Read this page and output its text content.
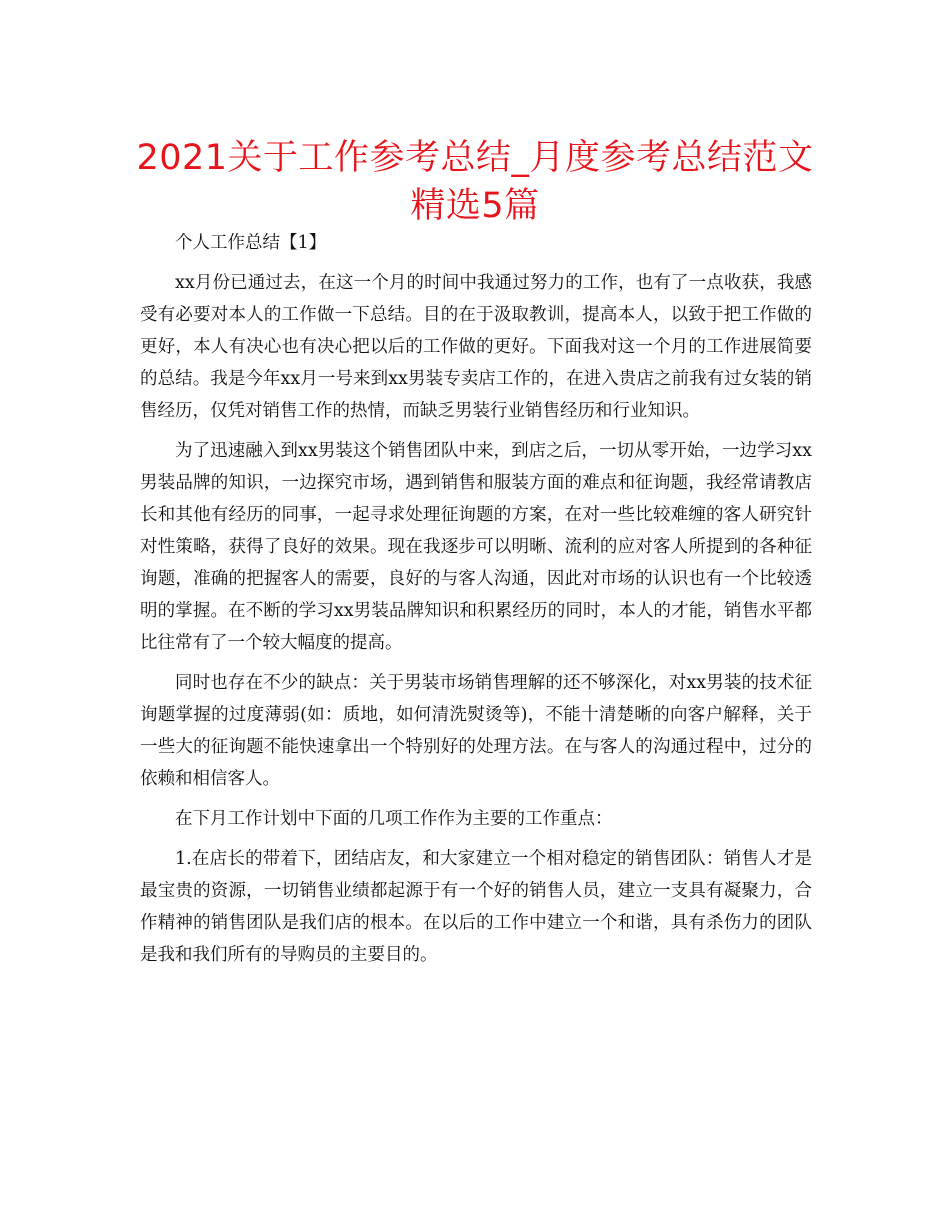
2021关于工作参考总结_月度参考总结范文精选5篇

个人工作总结【1】

xx月份已通过去，在这一个月的时间中我通过努力的工作，也有了一点收获，我感受有必要对本人的工作做一下总结。目的在于汲取教训，提高本人，以致于把工作做的更好，本人有决心也有决心把以后的工作做的更好。下面我对这一个月的工作进展简要的总结。我是今年xx月一号来到xx男装专卖店工作的，在进入贵店之前我有过女装的销售经历，仅凭对销售工作的热情，而缺乏男装行业销售经历和行业知识。

为了迅速融入到xx男装这个销售团队中来，到店之后，一切从零开始，一边学习xx男装品牌的知识，一边探究市场，遇到销售和服装方面的难点和征询题，我经常请教店长和其他有经历的同事，一起寻求处理征询题的方案，在对一些比较难缠的客人研究针对性策略，获得了良好的效果。现在我逐步可以明晰、流利的应对客人所提到的各种征询题，准确的把握客人的需要，良好的与客人沟通，因此对市场的认识也有一个比较透明的掌握。在不断的学习xx男装品牌知识和积累经历的同时，本人的才能，销售水平都比往常有了一个较大幅度的提高。

同时也存在不少的缺点：关于男装市场销售理解的还不够深化，对xx男装的技术征询题掌握的过度薄弱(如：质地，如何清洗熨烫等)，不能十清楚晰的向客户解释，关于一些大的征询题不能快速拿出一个特别好的处理方法。在与客人的沟通过程中，过分的依赖和相信客人。

在下月工作计划中下面的几项工作作为主要的工作重点：

1.在店长的带着下，团结店友，和大家建立一个相对稳定的销售团队：销售人才是最宝贵的资源，一切销售业绩都起源于有一个好的销售人员，建立一支具有凝聚力，合作精神的销售团队是我们店的根本。在以后的工作中建立一个和谐，具有杀伤力的团队是我和我们所有的导购员的主要目的。
